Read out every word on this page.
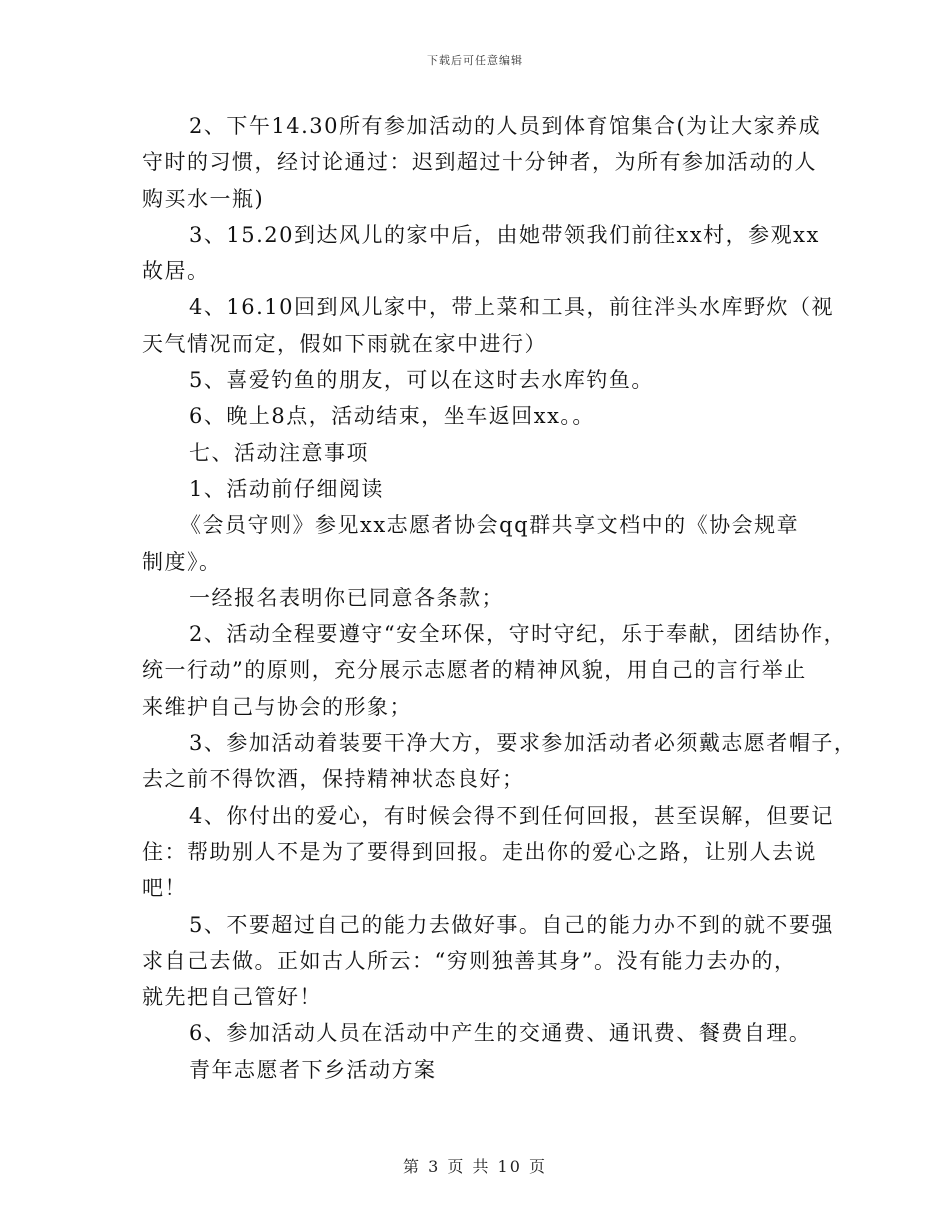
下载后可任意编辑
2、下午14.30所有参加活动的人员到体育馆集合(为让大家养成
守时的习惯，经讨论通过：迟到超过十分钟者，为所有参加活动的人
购买水一瓶)
3、15.20到达风儿的家中后，由她带领我们前往xx村，参观xx
故居。
4、16.10回到风儿家中，带上菜和工具，前往泮头水库野炊（视
天气情况而定，假如下雨就在家中进行）
5、喜爱钓鱼的朋友，可以在这时去水库钓鱼。
6、晚上8点，活动结束，坐车返回xx。。
七、活动注意事项
1、活动前仔细阅读
《会员守则》参见xx志愿者协会qq群共享文档中的《协会规章
制度》。
一经报名表明你已同意各条款；
2、活动全程要遵守“安全环保，守时守纪，乐于奉献，团结协作，
统一行动”的原则，充分展示志愿者的精神风貌，用自己的言行举止
来维护自己与协会的形象；
3、参加活动着装要干净大方，要求参加活动者必须戴志愿者帽子，
去之前不得饮酒，保持精神状态良好；
4、你付出的爱心，有时候会得不到任何回报，甚至误解，但要记
住：帮助别人不是为了要得到回报。走出你的爱心之路，让别人去说
吧！
5、不要超过自己的能力去做好事。自己的能力办不到的就不要强
求自己去做。正如古人所云：“穷则独善其身”。没有能力去办的，
就先把自己管好！
6、参加活动人员在活动中产生的交通费、通讯费、餐费自理。
青年志愿者下乡活动方案
第 3 页 共 10 页
